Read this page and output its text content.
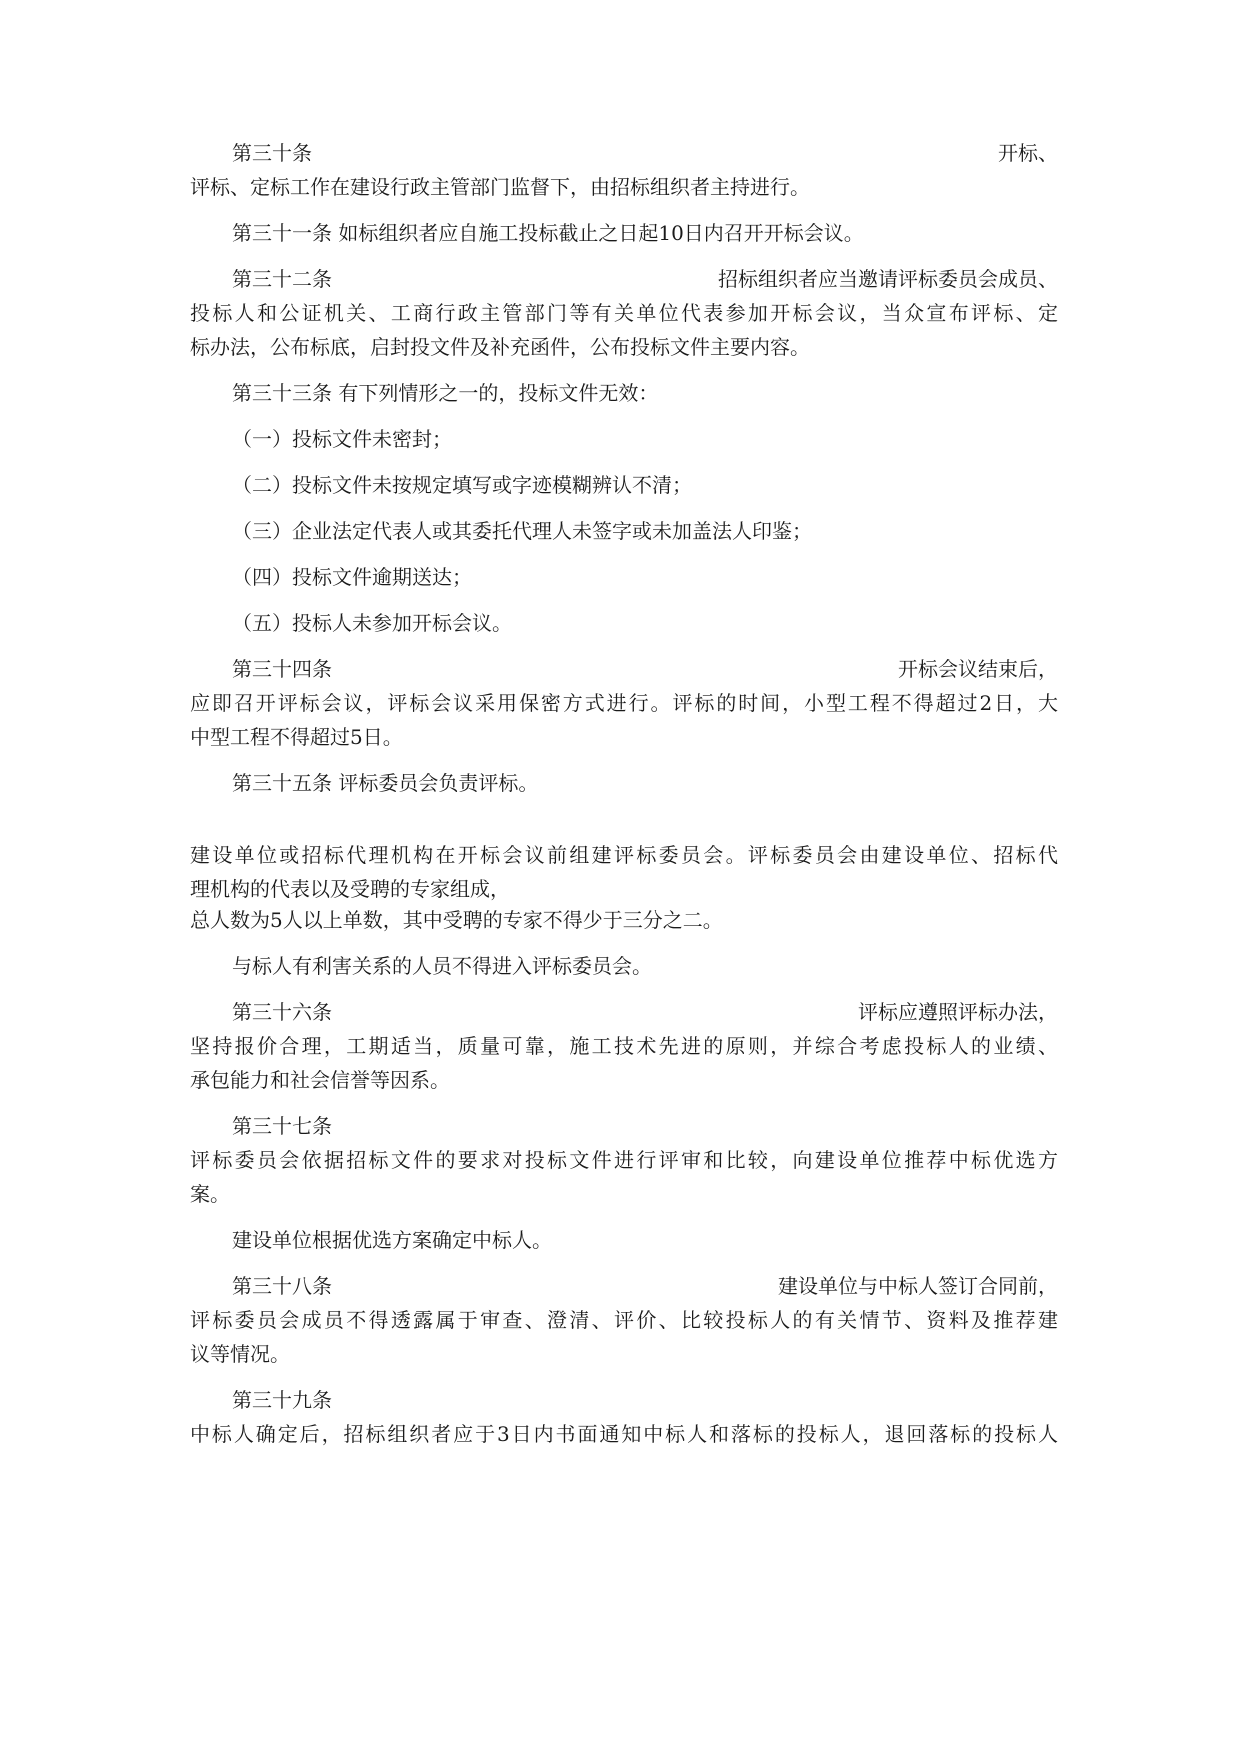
第三十条	开标、
评标、定标工作在建设行政主管部门监督下，由招标组织者主持进行。
第三十一条 如标组织者应自施工投标截止之日起10日内召开开标会议。
第三十二条	招标组织者应当邀请评标委员会成员、
投标人和公证机关、工商行政主管部门等有关单位代表参加开标会议，当众宣布评标、定
标办法，公布标底，启封投文件及补充函件，公布投标文件主要内容。
第三十三条 有下列情形之一的，投标文件无效：
（一）投标文件未密封；
（二）投标文件未按规定填写或字迹模糊辨认不清；
（三）企业法定代表人或其委托代理人未签字或未加盖法人印鉴；
（四）投标文件逾期送达；
（五）投标人未参加开标会议。
第三十四条	开标会议结束后，
应即召开评标会议，评标会议采用保密方式进行。评标的时间，小型工程不得超过2日，大
中型工程不得超过5日。
第三十五条 评标委员会负责评标。
建设单位或招标代理机构在开标会议前组建评标委员会。评标委员会由建设单位、招标代
理机构的代表以及受聘的专家组成，
总人数为5人以上单数，其中受聘的专家不得少于三分之二。
与标人有利害关系的人员不得进入评标委员会。
第三十六条	评标应遵照评标办法，
坚持报价合理，工期适当，质量可靠，施工技术先进的原则，并综合考虑投标人的业绩、
承包能力和社会信誉等因系。
第三十七条
评标委员会依据招标文件的要求对投标文件进行评审和比较，向建设单位推荐中标优选方
案。
建设单位根据优选方案确定中标人。
第三十八条	建设单位与中标人签订合同前，
评标委员会成员不得透露属于审查、澄清、评价、比较投标人的有关情节、资料及推荐建
议等情况。
第三十九条
中标人确定后，招标组织者应于3日内书面通知中标人和落标的投标人，退回落标的投标人
